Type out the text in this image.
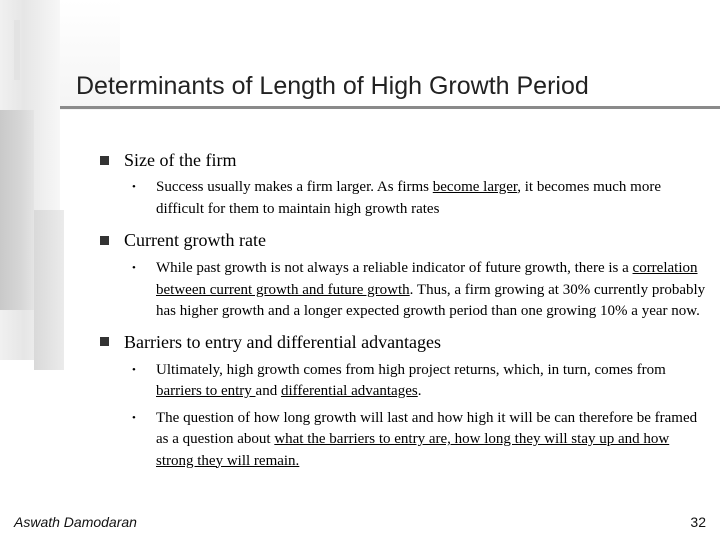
Determinants of Length of High Growth Period
Size of the firm
•	Success usually makes a firm larger. As firms become larger, it becomes much more difficult for them to maintain high growth rates
Current growth rate
•	While past growth is not always a reliable indicator of future growth, there is a correlation between current growth and future growth. Thus, a firm growing at 30% currently probably has higher growth and a longer expected growth period than one growing 10% a year now.
Barriers to entry and differential advantages
•	Ultimately, high growth comes from high project returns, which, in turn, comes from barriers to entry and differential advantages.
•	The question of how long growth will last and how high it will be can therefore be framed as a question about what the barriers to entry are, how long they will stay up and how strong they will remain.
Aswath Damodaran	32
